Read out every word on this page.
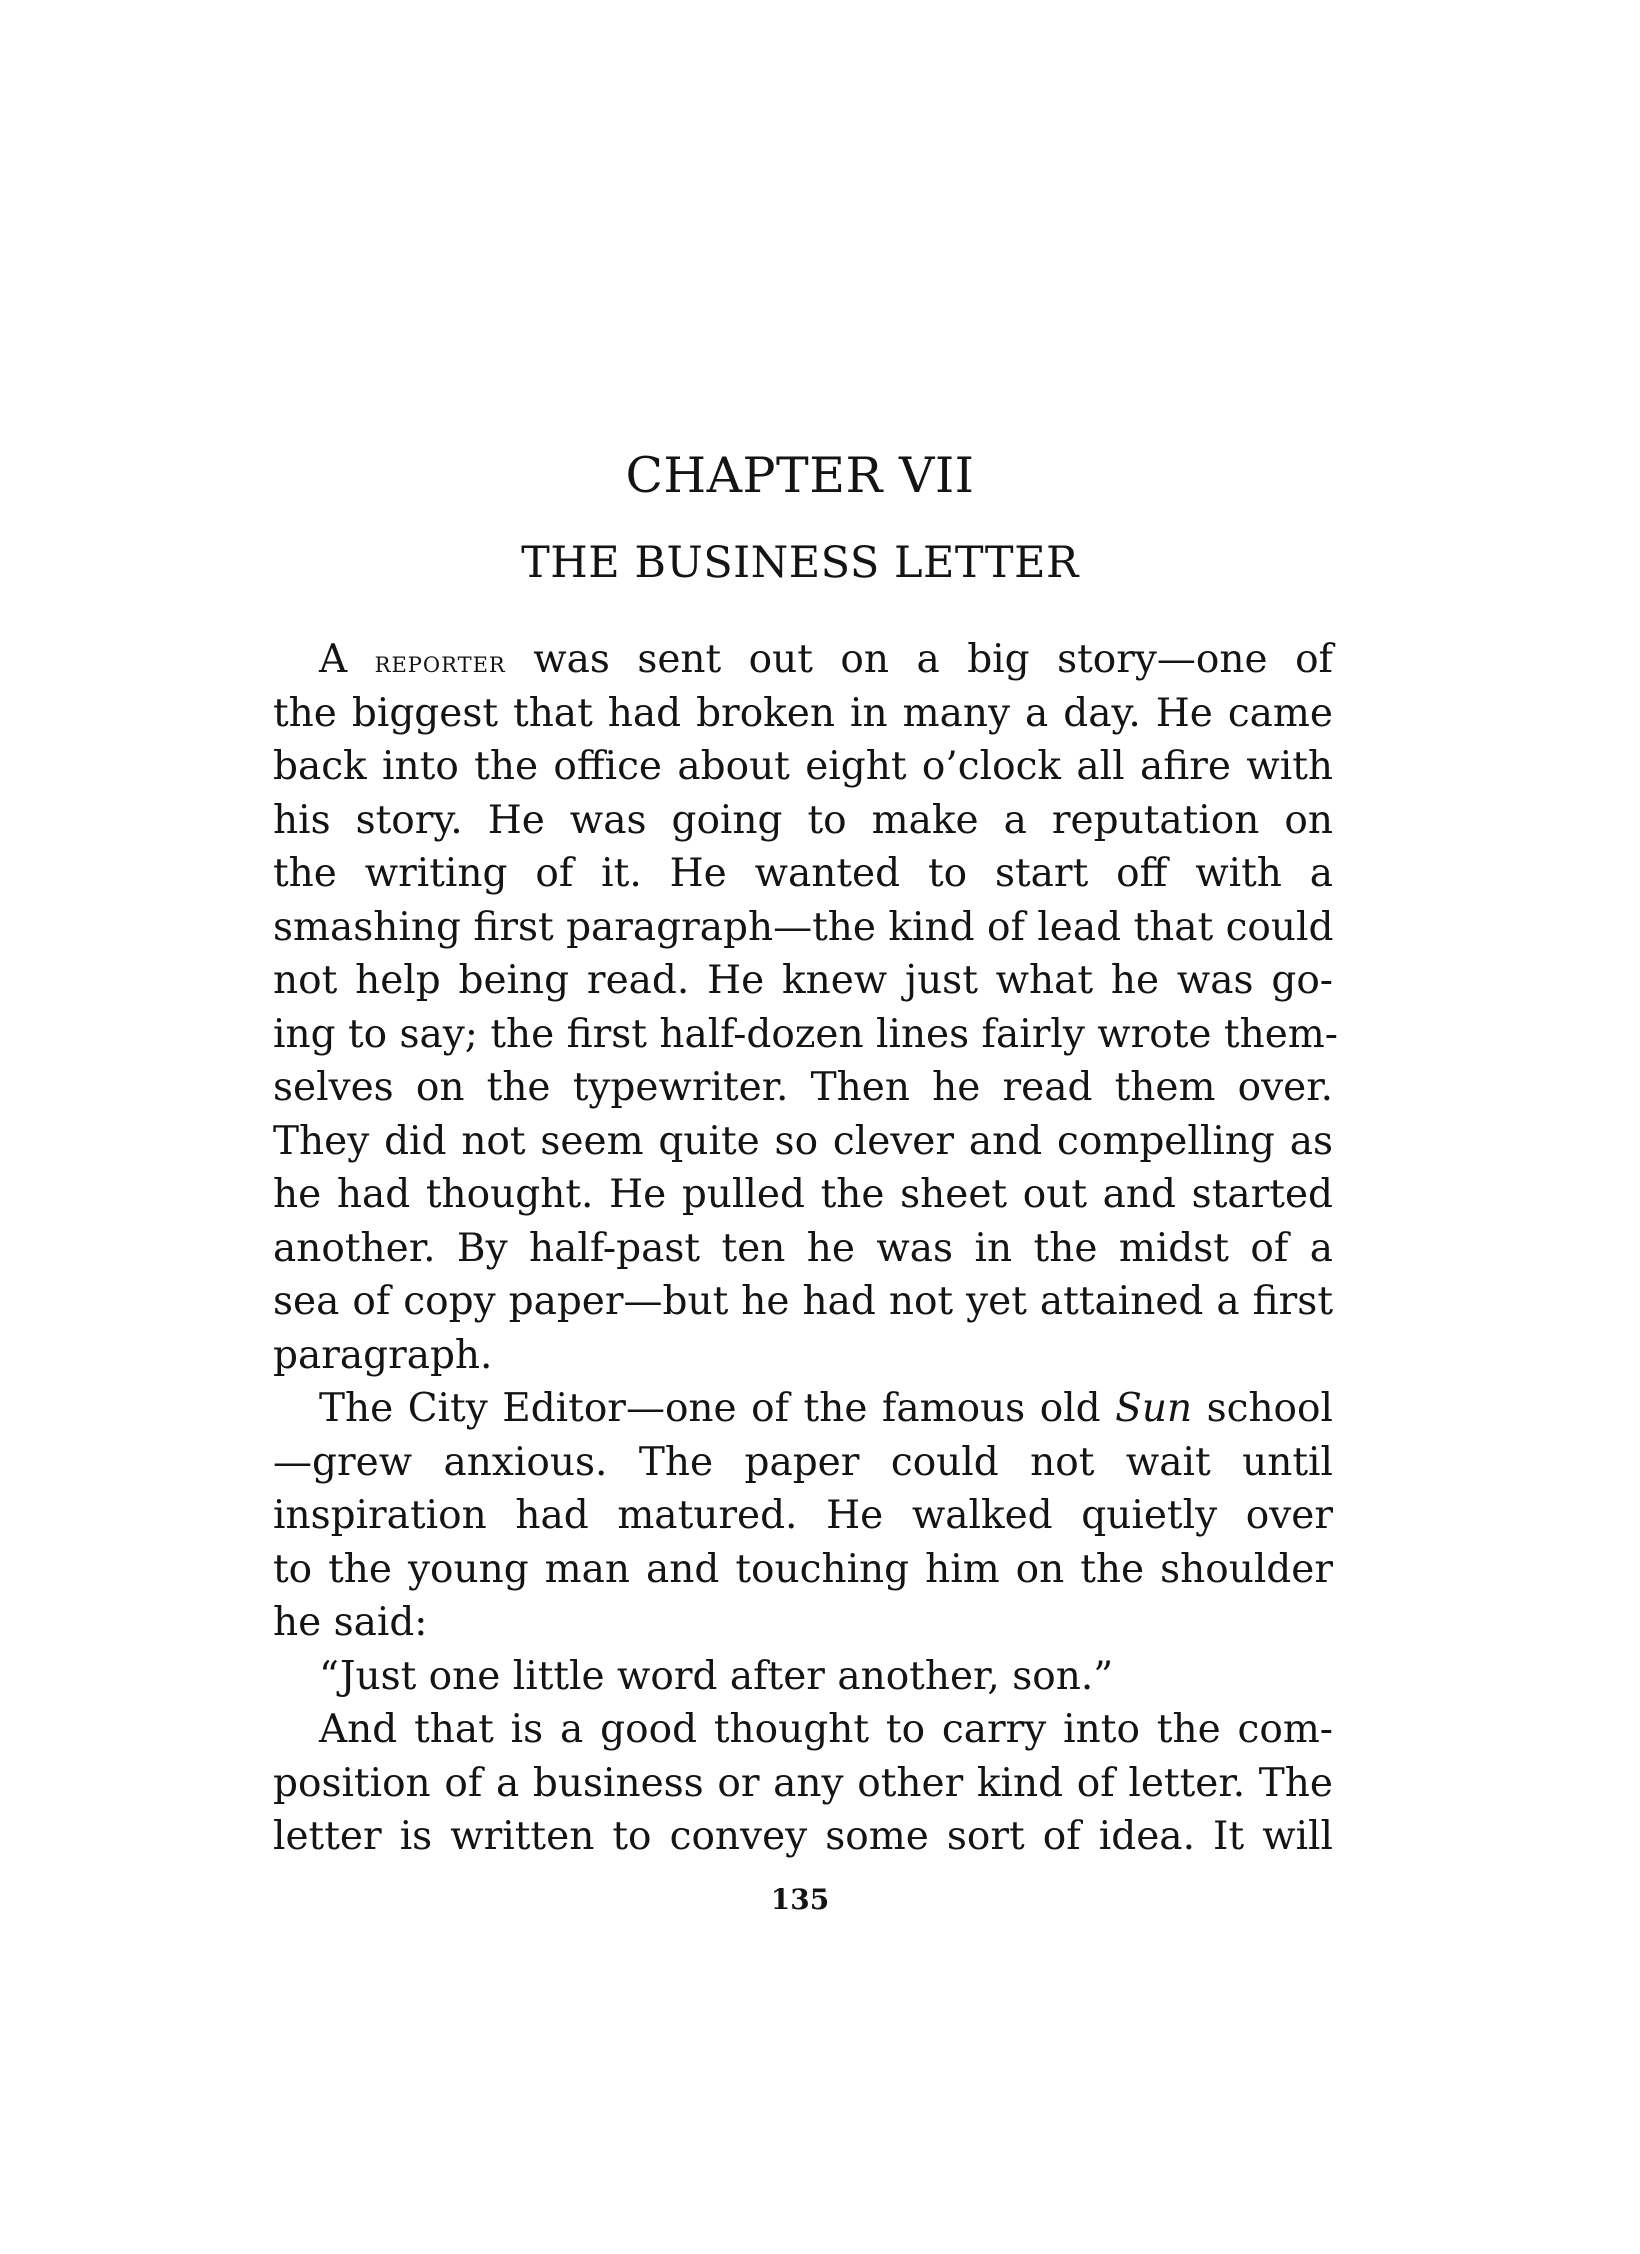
CHAPTER VII
THE BUSINESS LETTER
A reporter was sent out on a big story—one of
the biggest that had broken in many a day. He came
back into the office about eight o’clock all afire with
his story. He was going to make a reputation on
the writing of it. He wanted to start off with a
smashing first paragraph—the kind of lead that could
not help being read. He knew just what he was go-
ing to say; the first half-dozen lines fairly wrote them-
selves on the typewriter. Then he read them over.
They did not seem quite so clever and compelling as
he had thought. He pulled the sheet out and started
another. By half-past ten he was in the midst of a
sea of copy paper—but he had not yet attained a first
paragraph.
The City Editor—one of the famous old Sun school
—grew anxious. The paper could not wait until
inspiration had matured. He walked quietly over
to the young man and touching him on the shoulder
he said:
“Just one little word after another, son.”
And that is a good thought to carry into the com-
position of a business or any other kind of letter. The
letter is written to convey some sort of idea. It will
135
